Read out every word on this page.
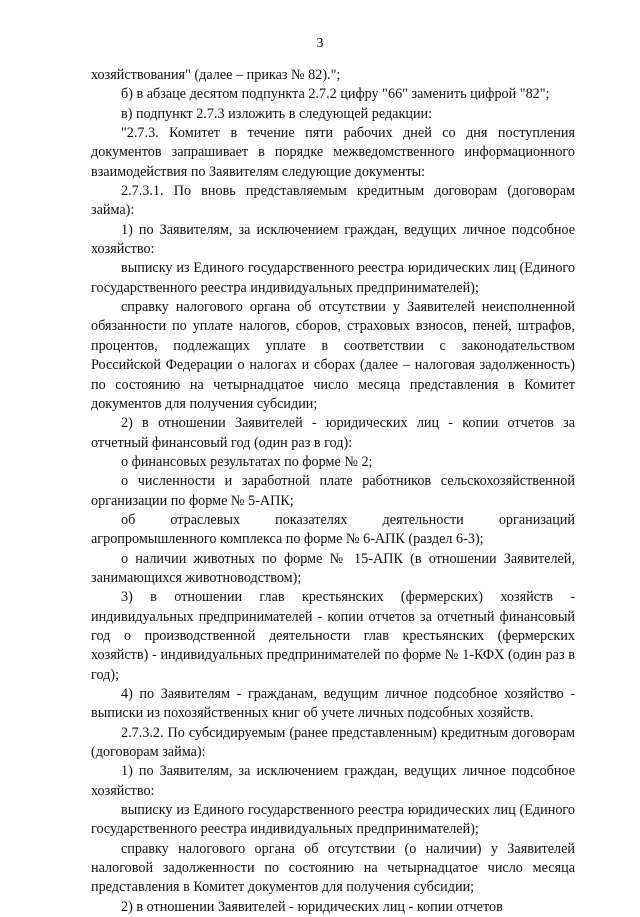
3

хозяйствования" (далее – приказ № 82).";

б) в абзаце десятом подпункта 2.7.2 цифру "66" заменить цифрой "82";

в) подпункт 2.7.3 изложить в следующей редакции:

"2.7.3. Комитет в течение пяти рабочих дней со дня поступления документов запрашивает в порядке межведомственного информационного взаимодействия по Заявителям следующие документы:

2.7.3.1. По вновь представляемым кредитным договорам (договорам займа):

1) по Заявителям, за исключением граждан, ведущих личное подсобное хозяйство:

выписку из Единого государственного реестра юридических лиц (Единого государственного реестра индивидуальных предпринимателей);

справку налогового органа об отсутствии у Заявителей неисполненной обязанности по уплате налогов, сборов, страховых взносов, пеней, штрафов, процентов, подлежащих уплате в соответствии с законодательством Российской Федерации о налогах и сборах (далее – налоговая задолженность) по состоянию на четырнадцатое число месяца представления в Комитет документов для получения субсидии;

2) в отношении Заявителей - юридических лиц - копии отчетов за отчетный финансовый год (один раз в год):

о финансовых результатах по форме № 2;

о численности и заработной плате работников сельскохозяйственной организации по форме № 5-АПК;

об отраслевых показателях деятельности организаций агропромышленного комплекса по форме № 6-АПК (раздел 6-3);

о наличии животных по форме № 15-АПК (в отношении Заявителей, занимающихся животноводством);

3) в отношении глав крестьянских (фермерских) хозяйств - индивидуальных предпринимателей - копии отчетов за отчетный финансовый год о производственной деятельности глав крестьянских (фермерских хозяйств) - индивидуальных предпринимателей по форме № 1-КФХ (один раз в год);

4) по Заявителям - гражданам, ведущим личное подсобное хозяйство - выписки из похозяйственных книг об учете личных подсобных хозяйств.

2.7.3.2. По субсидируемым (ранее представленным) кредитным договорам (договорам займа):

1) по Заявителям, за исключением граждан, ведущих личное подсобное хозяйство:

выписку из Единого государственного реестра юридических лиц (Единого государственного реестра индивидуальных предпринимателей);

справку налогового органа об отсутствии (о наличии) у Заявителей налоговой задолженности по состоянию на четырнадцатое число месяца представления в Комитет документов для получения субсидии;

2) в отношении Заявителей - юридических лиц - копии отчетов
